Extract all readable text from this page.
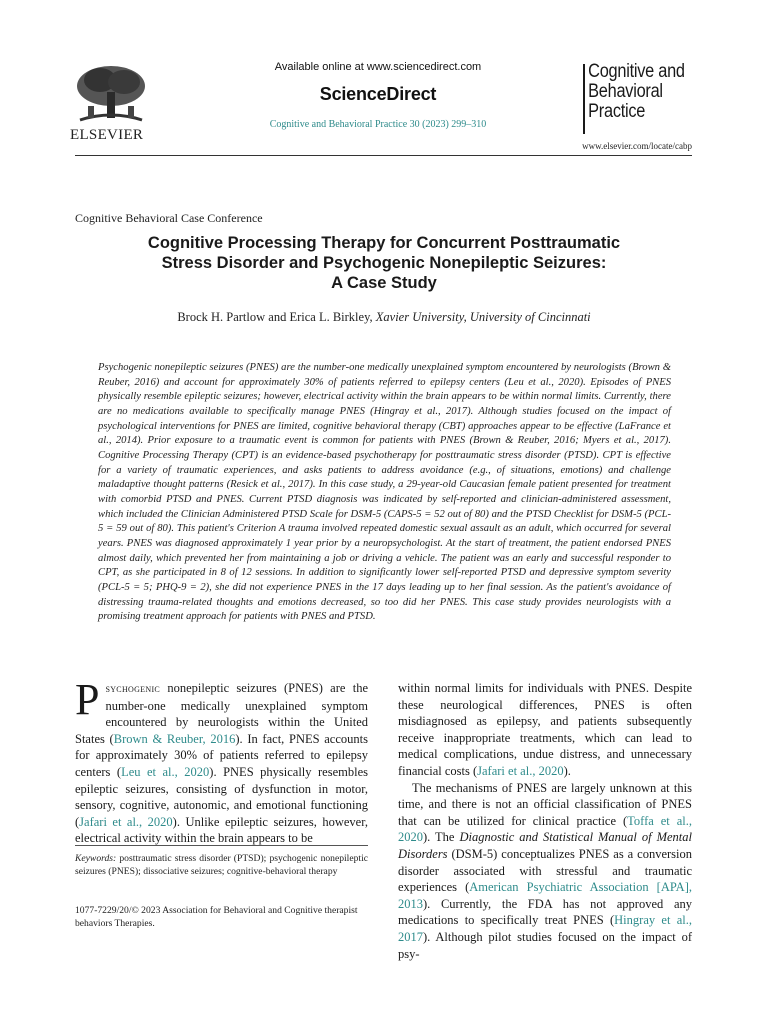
ELSEVIER
Available online at www.sciencedirect.com
ScienceDirect
Cognitive and Behavioral Practice 30 (2023) 299–310
Cognitive and
Behavioral
Practice
www.elsevier.com/locate/cabp
Cognitive Behavioral Case Conference
Cognitive Processing Therapy for Concurrent Posttraumatic
Stress Disorder and Psychogenic Nonepileptic Seizures:
A Case Study
Brock H. Partlow and Erica L. Birkley, Xavier University, University of Cincinnati
Psychogenic nonepileptic seizures (PNES) are the number-one medically unexplained symptom encountered by neurologists (Brown & Reuber, 2016) and account for approximately 30% of patients referred to epilepsy centers (Leu et al., 2020). Episodes of PNES physically resemble epileptic seizures; however, electrical activity within the brain appears to be within normal limits. Currently, there are no medications available to specifically manage PNES (Hingray et al., 2017). Although studies focused on the impact of psychological interventions for PNES are limited, cognitive behavioral therapy (CBT) approaches appear to be effective (LaFrance et al., 2014). Prior exposure to a traumatic event is common for patients with PNES (Brown & Reuber, 2016; Myers et al., 2017). Cognitive Processing Therapy (CPT) is an evidence-based psychotherapy for posttraumatic stress disorder (PTSD). CPT is effective for a variety of traumatic experiences, and asks patients to address avoidance (e.g., of situations, emotions) and challenge maladaptive thought patterns (Resick et al., 2017). In this case study, a 29-year-old Caucasian female patient presented for treatment with comorbid PTSD and PNES. Current PTSD diagnosis was indicated by self-reported and clinician-administered assessment, which included the Clinician Administered PTSD Scale for DSM-5 (CAPS-5 = 52 out of 80) and the PTSD Checklist for DSM-5 (PCL-5 = 59 out of 80). This patient's Criterion A trauma involved repeated domestic sexual assault as an adult, which occurred for several years. PNES was diagnosed approximately 1 year prior by a neuropsychologist. At the start of treatment, the patient endorsed PNES almost daily, which prevented her from maintaining a job or driving a vehicle. The patient was an early and successful responder to CPT, as she participated in 8 of 12 sessions. In addition to significantly lower self-reported PTSD and depressive symptom severity (PCL-5 = 5; PHQ-9 = 2), she did not experience PNES in the 17 days leading up to her final session. As the patient's avoidance of distressing trauma-related thoughts and emotions decreased, so too did her PNES. This case study provides neurologists with a promising treatment approach for patients with PNES and PTSD.

Psychogenic nonepileptic seizures (PNES) are the number-one medically unexplained symptom encountered by neurologists within the United States (Brown & Reuber, 2016). In fact, PNES accounts for approximately 30% of patients referred to epilepsy centers (Leu et al., 2020). PNES physically resembles epileptic seizures, consisting of dysfunction in motor, sensory, cognitive, autonomic, and emotional functioning (Jafari et al., 2020). Unlike epileptic seizures, however, electrical activity within the brain appears to be

Keywords: posttraumatic stress disorder (PTSD); psychogenic nonepileptic seizures (PNES); dissociative seizures; cognitive-behavioral therapy
1077-7229/20/© 2023 Association for Behavioral and Cognitive therapist behaviors Therapies.

within normal limits for individuals with PNES. Despite these neurological differences, PNES is often misdiagnosed as epilepsy, and patients subsequently receive inappropriate treatments, which can lead to medical complications, undue distress, and unnecessary financial costs (Jafari et al., 2020).

The mechanisms of PNES are largely unknown at this time, and there is not an official classification of PNES that can be utilized for clinical practice (Toffa et al., 2020). The Diagnostic and Statistical Manual of Mental Disorders (DSM-5) conceptualizes PNES as a conversion disorder associated with stressful and traumatic experiences (American Psychiatric Association [APA], 2013). Currently, the FDA has not approved any medications to specifically treat PNES (Hingray et al., 2017). Although pilot studies focused on the impact of psy-
